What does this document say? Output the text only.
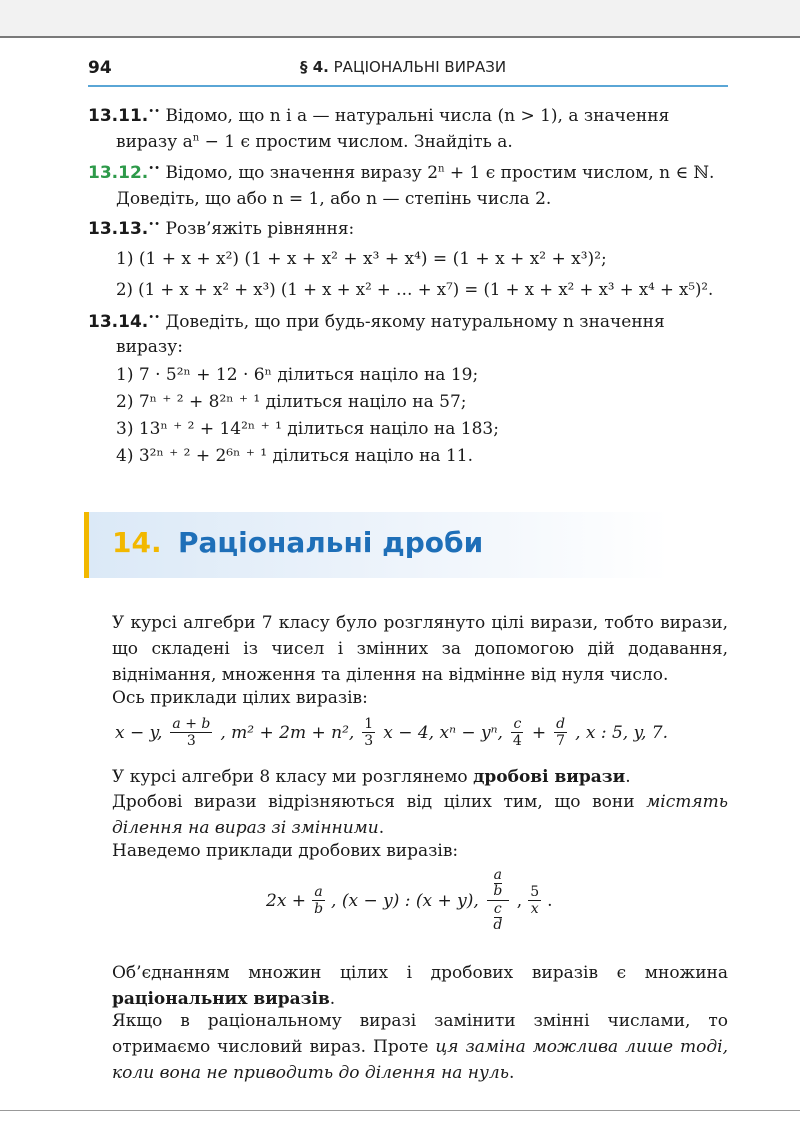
94	§ 4. РАЦІОНАЛЬНІ ВИРАЗИ
13.11.•• Відомо, що n і a — натуральні числа (n > 1), а значення
виразу $a^n - 1$ є простим числом. Знайдіть a.
13.12.•• Відомо, що значення виразу $2^n + 1$ є простим числом, n ∈ ℕ.
Доведіть, що або n = 1, або n — степінь числа 2.
13.13.•• Розв’яжіть рівняння:
1) (1 + x + x²) (1 + x + x² + x³ + x⁴) = (1 + x + x² + x³)²;
2) (1 + x + x² + x³) (1 + x + x² + … + x⁷) = (1 + x + x² + x³ + x⁴ + x⁵)².
13.14.•• Доведіть, що при будь-якому натуральному n значення
виразу:
1) 7 · 5²ⁿ + 12 · 6ⁿ ділиться націло на 19;
2) 7ⁿ ⁺ ² + 8²ⁿ ⁺ ¹ ділиться націло на 57;
3) 13ⁿ ⁺ ² + 14²ⁿ ⁺ ¹ ділиться націло на 183;
4) 3²ⁿ ⁺ ² + 2⁶ⁿ ⁺ ¹ ділиться націло на 11.
14. Раціональні дроби
У курсі алгебри 7 класу було розглянуто цілі вирази, тобто вирази, що складені із чисел і змінних за допомогою дій додавання, віднімання, множення та ділення на відмінне від нуля число.
Ось приклади цілих виразів:
x − y, $\frac{a + b}{3}$ , m² + 2m + n², $\frac{1}{3}$ x − 4, xⁿ − yⁿ, $\frac{c}{4} + \frac{d}{7}$ , x : 5, y, 7.
У курсі алгебри 8 класу ми розглянемо дробові вирази.
Дробові вирази відрізняються від цілих тим, що вони містять ділення на вираз зі змінними.
Наведемо приклади дробових виразів:
$2x + \frac{a}{b}$ , (x − y) : (x + y),
$\frac{a}{b}$
$\frac{c}{d}$
, $\frac{5}{x}$ .
Об’єднанням множин цілих і дробових виразів є множина раціональних виразів.
Якщо в раціональному виразі замінити змінні числами, то отримаємо числовий вираз. Проте ця заміна можлива лише тоді, коли вона не приводить до ділення на нуль.
